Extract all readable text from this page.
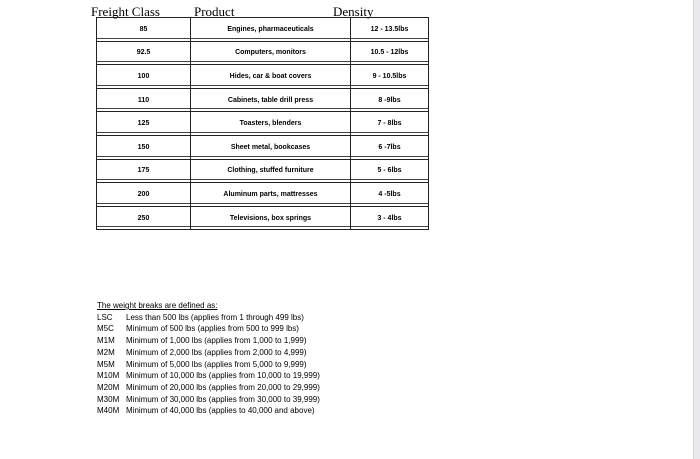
Freight Class	Product	Density
85	Engines, pharmaceuticals	12 - 13.5lbs
92.5	Computers, monitors	10.5 - 12lbs
100	Hides, car & boat covers	9 - 10.5lbs
110	Cabinets, table drill press	8 -9lbs
125	Toasters, blenders	7 - 8lbs
150	Sheet metal, bookcases	6 -7lbs
175	Clothing, stuffed furniture	5 - 6lbs
200	Aluminum parts, mattresses	4 -5lbs
250	Televisions, box springs	3 - 4lbs
The weight breaks are defined as:
LSC Less than 500 lbs (applies from 1 through 499 lbs)
M5C Minimum of 500 lbs (applies from 500 to 999 lbs)
M1M Minimum of 1,000 lbs (applies from 1,000 to 1,999)
M2M Minimum of 2,000 lbs (applies from 2,000 to 4,999)
M5M Minimum of 5,000 lbs (applies from 5,000 to 9,999)
M10M Minimum of 10,000 lbs (applies from 10,000 to 19,999)
M20M Minimum of 20,000 lbs (applies from 20,000 to 29,999)
M30M Minimum of 30,000 lbs (applies from 30,000 to 39,999)
M40M Minimum of 40,000 lbs (applies to 40,000 and above)
